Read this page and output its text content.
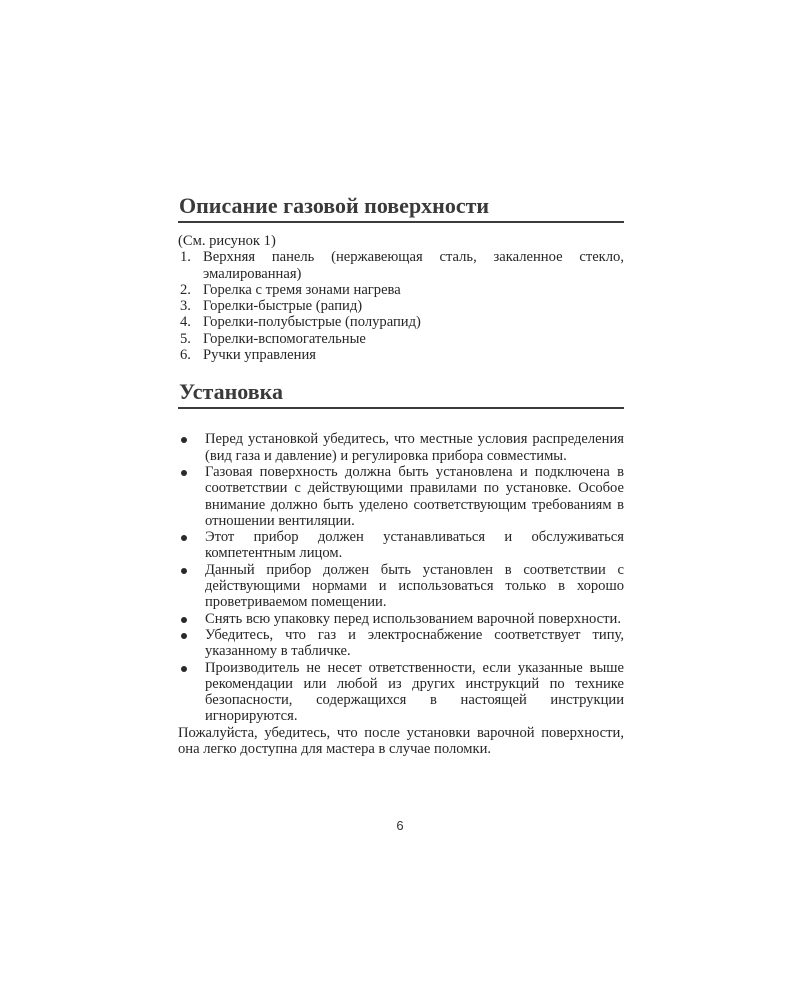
Описание газовой поверхности
(См. рисунок 1)
1. Верхняя панель (нержавеющая сталь, закаленное стекло, эмалированная)
2. Горелка с тремя зонами нагрева
3. Горелки-быстрые (рапид)
4. Горелки-полубыстрые (полурапид)
5. Горелки-вспомогательные
6. Ручки управления
Установка
Перед установкой убедитесь, что местные условия распределения (вид газа и давление) и регулировка прибора совместимы.
Газовая поверхность должна быть установлена и подключена в соответствии с действующими правилами по установке. Особое внимание должно быть уделено соответствующим требованиям в отношении вентиляции.
Этот прибор должен устанавливаться и обслуживаться компетентным лицом.
Данный прибор должен быть установлен в соответствии с действующими нормами и использоваться только в хорошо проветриваемом помещении.
Снять всю упаковку перед использованием варочной поверхности.
Убедитесь, что газ и электроснабжение соответствует типу, указанному в табличке.
Производитель не несет ответственности, если указанные выше рекомендации или любой из других инструкций по технике безопасности, содержащихся в настоящей инструкции игнорируются.
Пожалуйста, убедитесь, что после установки варочной поверхности, она легко доступна для мастера в случае поломки.
6
